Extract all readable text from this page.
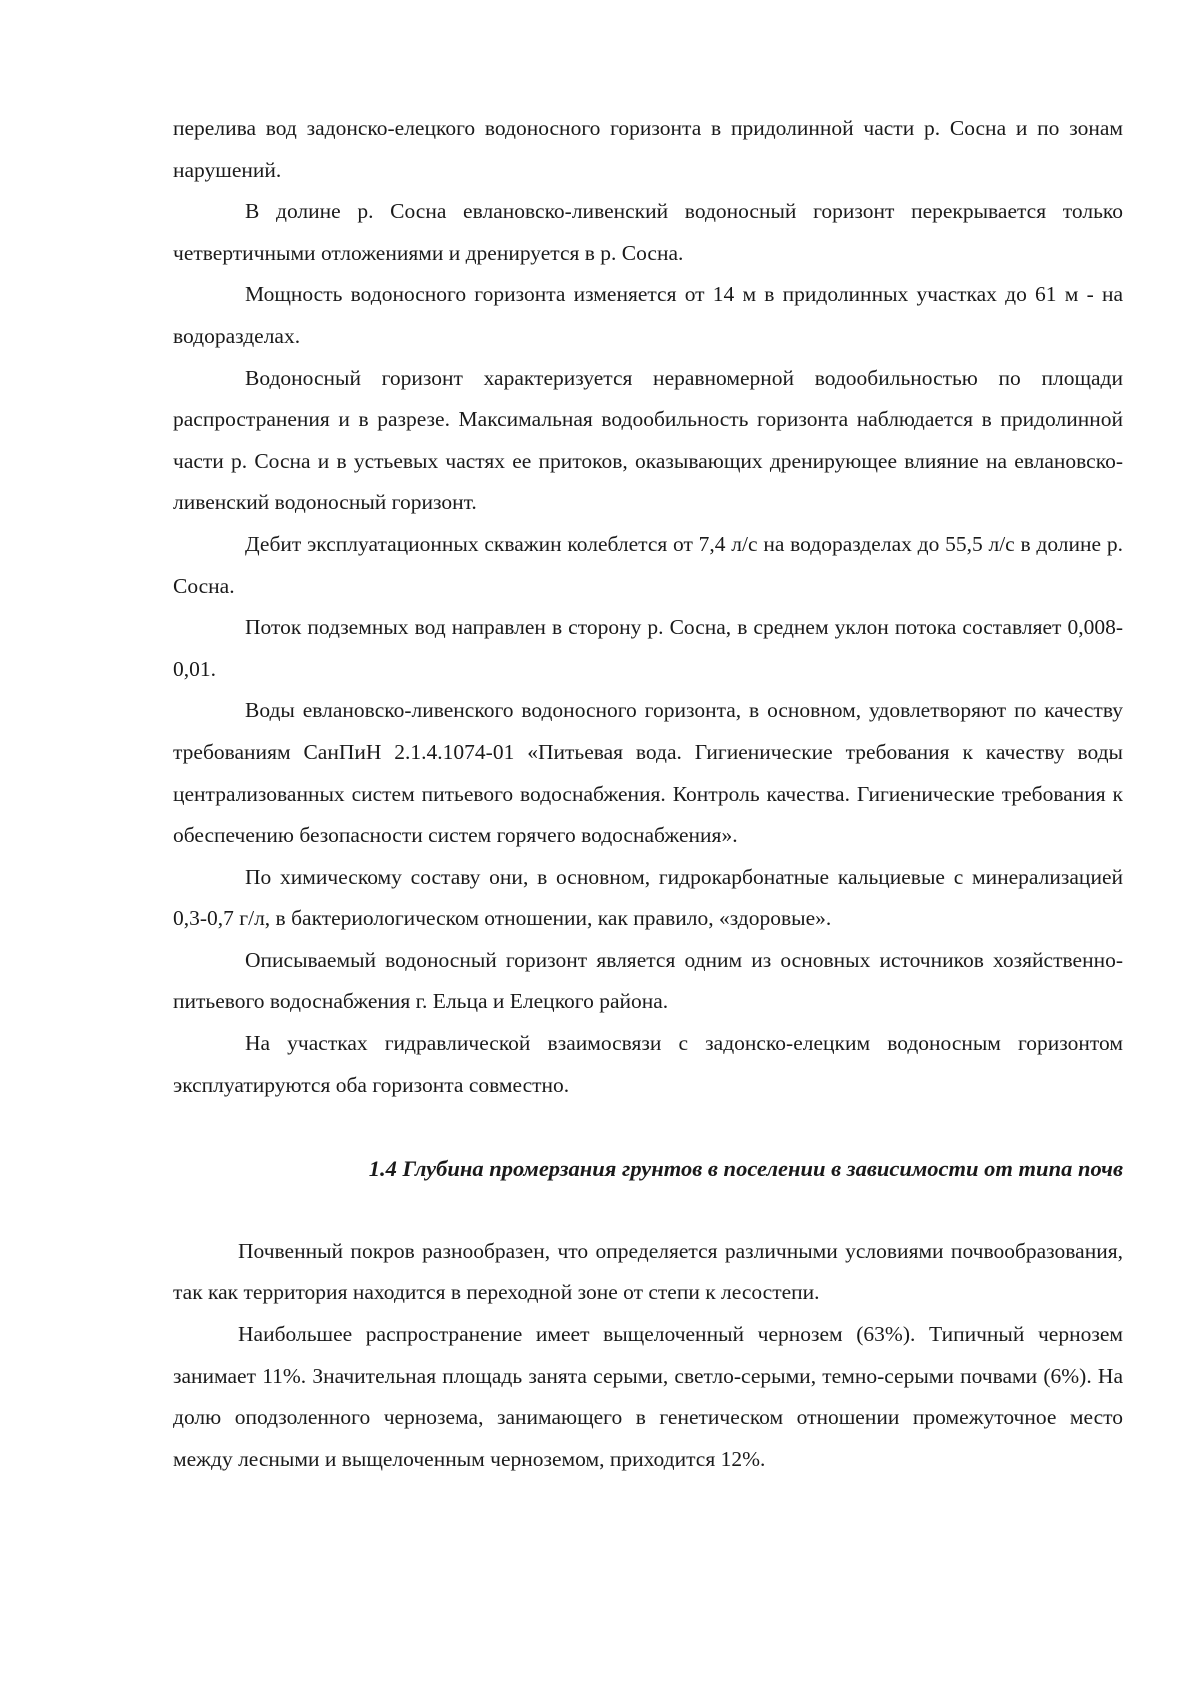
перелива вод задонско-елецкого водоносного горизонта в придолинной части р. Сосна и по зонам нарушений.

В долине р. Сосна евлановско-ливенский водоносный горизонт перекрывается только четвертичными отложениями и дренируется в р. Сосна.

Мощность водоносного горизонта изменяется от 14 м в придолинных участках до 61 м - на водоразделах.

Водоносный горизонт характеризуется неравномерной водообильностью по площади распространения и в разрезе. Максимальная водообильность горизонта наблюдается в придолинной части р. Сосна и в устьевых частях ее притоков, оказывающих дренирующее влияние на евлановско-ливенский водоносный горизонт.

Дебит эксплуатационных скважин колеблется от 7,4 л/с на водоразделах до 55,5 л/с в долине р. Сосна.

Поток подземных вод направлен в сторону р. Сосна, в среднем уклон потока составляет 0,008-0,01.

Воды евлановско-ливенского водоносного горизонта, в основном, удовлетворяют по качеству требованиям СанПиН 2.1.4.1074-01 «Питьевая вода. Гигиенические требования к качеству воды централизованных систем питьевого водоснабжения. Контроль качества. Гигиенические требования к обеспечению безопасности систем горячего водоснабжения».

По химическому составу они, в основном, гидрокарбонатные кальциевые с минерализацией 0,3-0,7 г/л, в бактериологическом отношении, как правило, «здоровые».

Описываемый водоносный горизонт является одним из основных источников хозяйственно-питьевого водоснабжения г. Ельца и Елецкого района.

На участках гидравлической взаимосвязи с задонско-елецким водоносным горизонтом эксплуатируются оба горизонта совместно.

1.4 Глубина промерзания грунтов в поселении в зависимости от типа почв

Почвенный покров разнообразен, что определяется различными условиями почвообразования, так как территория находится в переходной зоне от степи к лесостепи.

Наибольшее распространение имеет выщелоченный чернозем (63%). Типичный чернозем занимает 11%. Значительная площадь занята серыми, светло-серыми, темно-серыми почвами (6%). На долю оподзоленного чернозема, занимающего в генетическом отношении промежуточное место между лесными и выщелоченным черноземом, приходится 12%.
